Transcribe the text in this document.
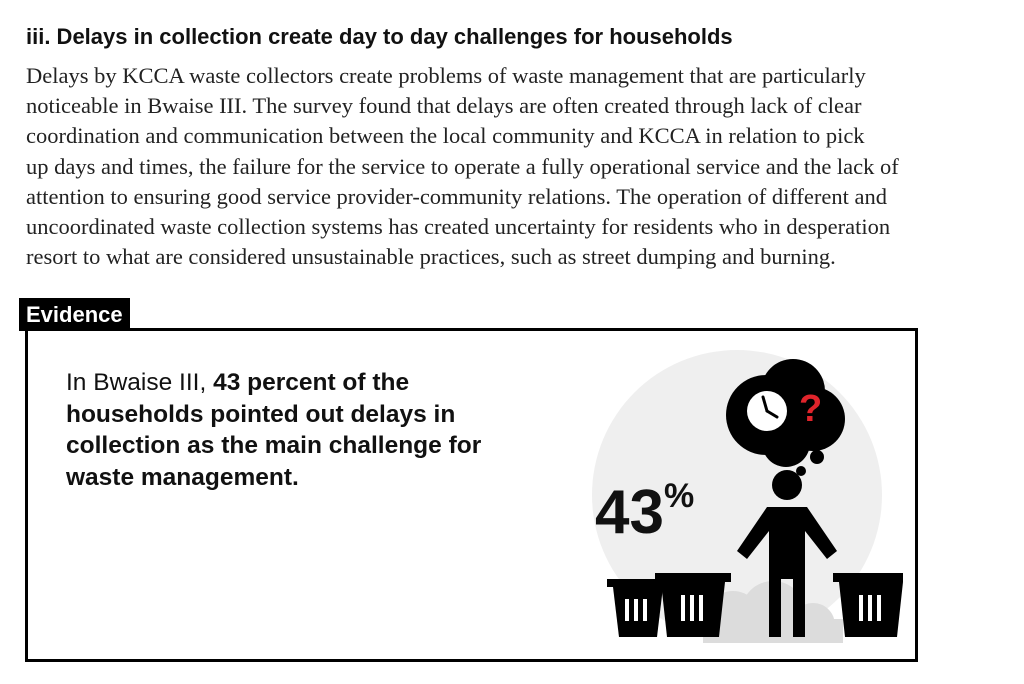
iii. Delays in collection create day to day challenges for households
Delays by KCCA waste collectors create problems of waste management that are particularly
noticeable in Bwaise III. The survey found that delays are often created through lack of clear
coordination and communication between the local community and KCCA in relation to pick
up days and times, the failure for the service to operate a fully operational service and the lack of
attention to ensuring good service provider-community relations. The operation of different and
uncoordinated waste collection systems has created uncertainty for residents who in desperation
resort to what are considered unsustainable practices, such as street dumping and burning.
In Bwaise III, 43 percent of the households pointed out delays in collection as the main challenge for waste management.
?
43%
Evidence
